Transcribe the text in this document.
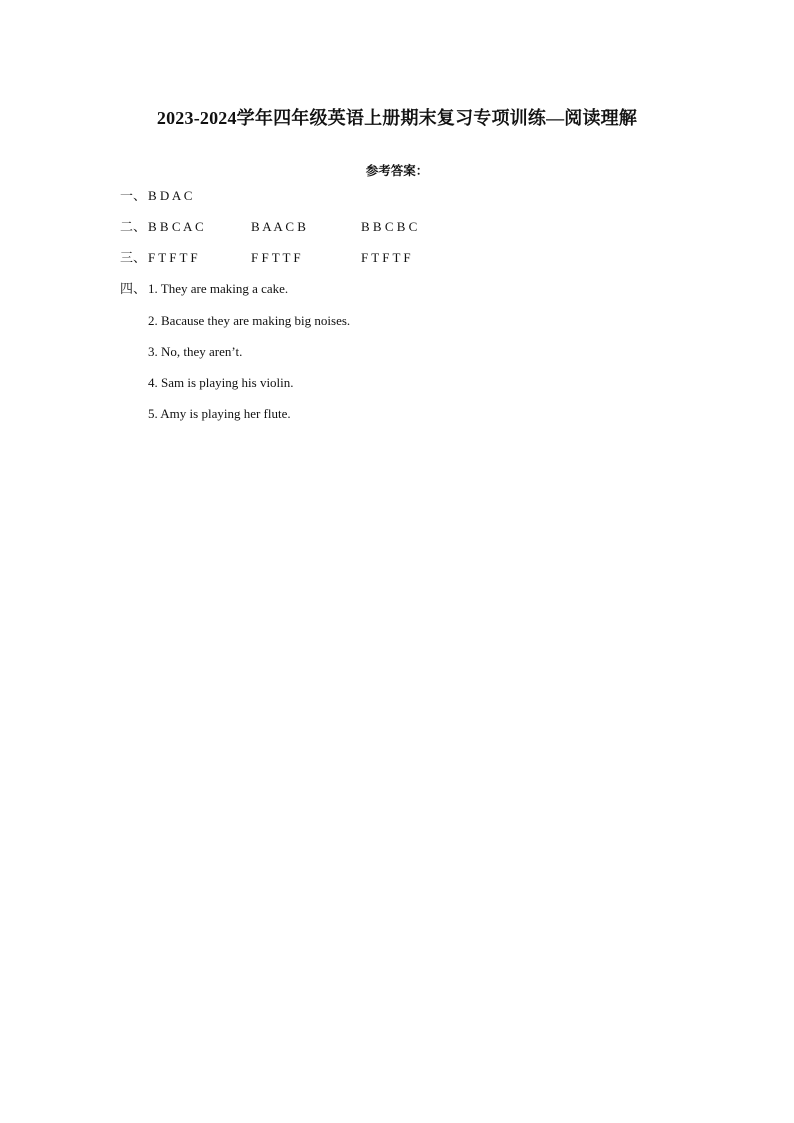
2023-2024学年四年级英语上册期末复习专项训练—阅读理解
参考答案：
一、 B D A C
二、 B B C A C	B A A C B	B B C B C
三、 F T F T F	F F T T F	F T F T F
四、 1. They are making a cake.
2. Bacause they are making big noises.
3. No, they aren’t.
4. Sam is playing his violin.
5. Amy is playing her flute.
